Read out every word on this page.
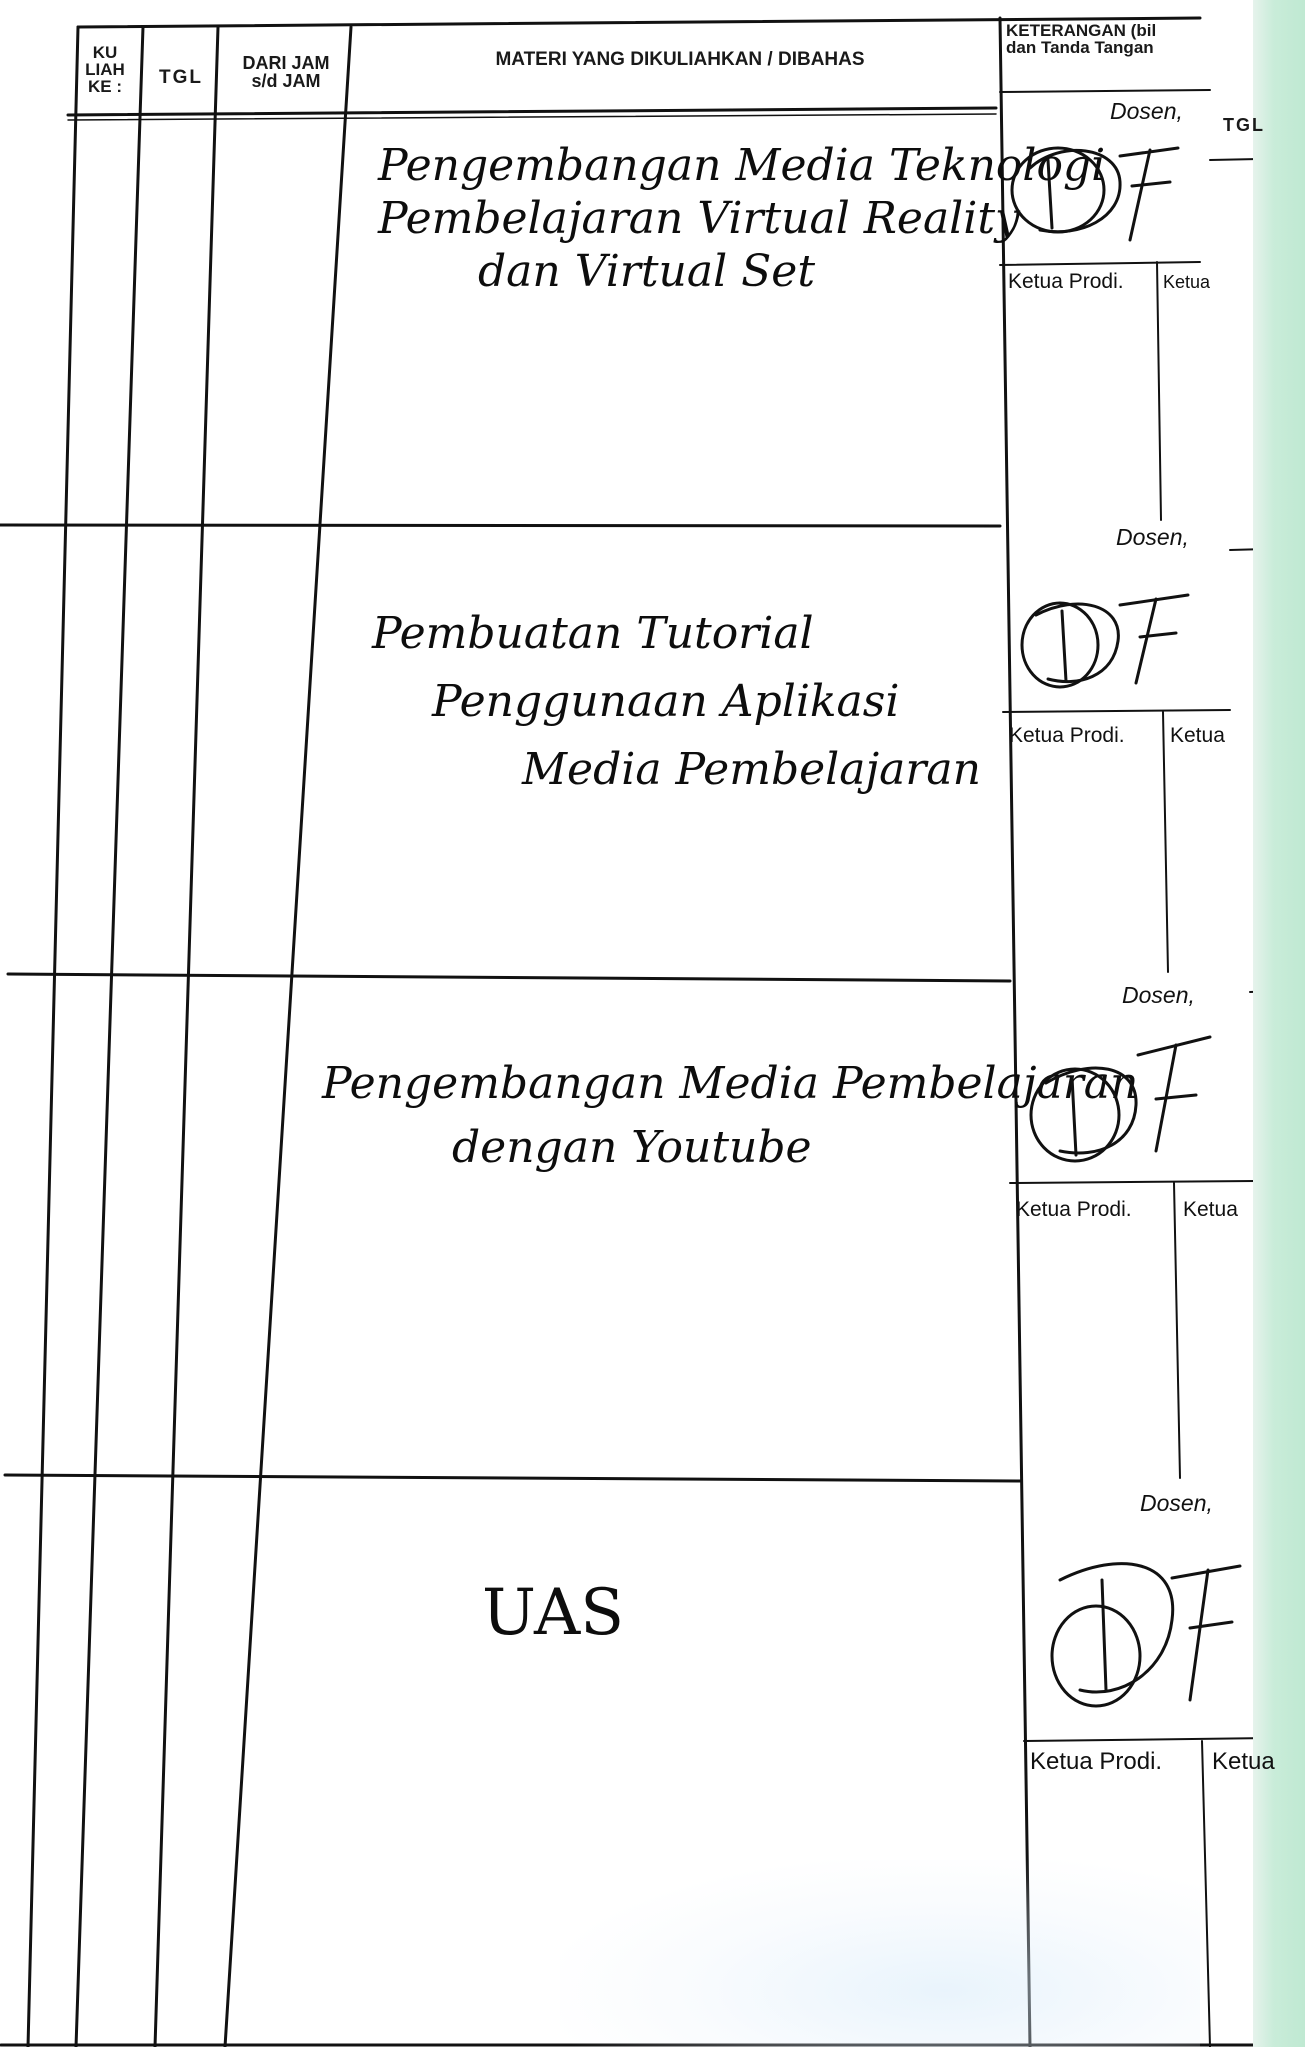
KU
LIAH
KE :	TGL
DARI JAM
s/d JAM
MATERI YANG DIKULIAHKAN / DIBAHAS
KETERANGAN (bil
dan Tanda Tangan
TGL
Pengembangan Media Teknologi
Pembelajaran Virtual Reality
dan Virtual Set
Dosen,
Ketua Prodi. Ketua
Pembuatan Tutorial
Penggunaan Aplikasi
Media Pembelajaran
Dosen,
Ketua Prodi. Ketua
Pengembangan Media Pembelajaran
dengan Youtube
Dosen,
Ketua Prodi. Ketua
UAS
Dosen,
Ketua Prodi. Ketua
